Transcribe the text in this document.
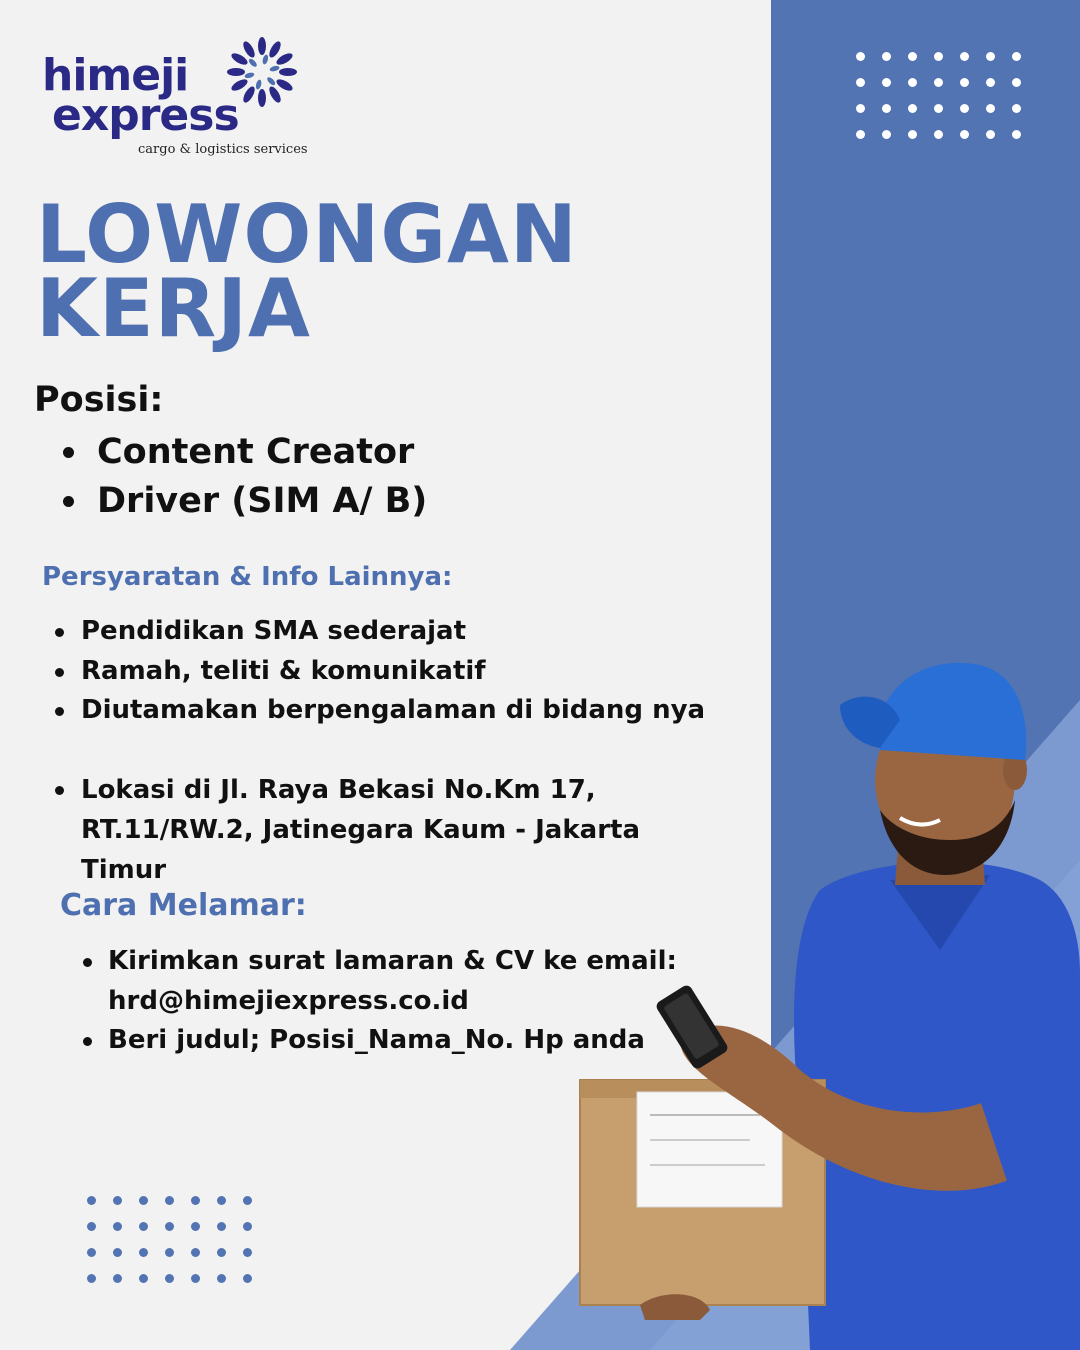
himeji
express
cargo & logistics services
LOWONGAN
KERJA
Posisi:
Content Creator
Driver (SIM A/ B)
Persyaratan & Info Lainnya:
Pendidikan SMA sederajat
Ramah, teliti & komunikatif
Diutamakan berpengalaman di bidang nya
Lokasi di Jl. Raya Bekasi No.Km 17, RT.11/RW.2, Jatinegara Kaum - Jakarta Timur
Cara Melamar:
Kirimkan surat lamaran & CV ke email: hrd@himejiexpress.co.id
Beri judul; Posisi_Nama_No. Hp anda
